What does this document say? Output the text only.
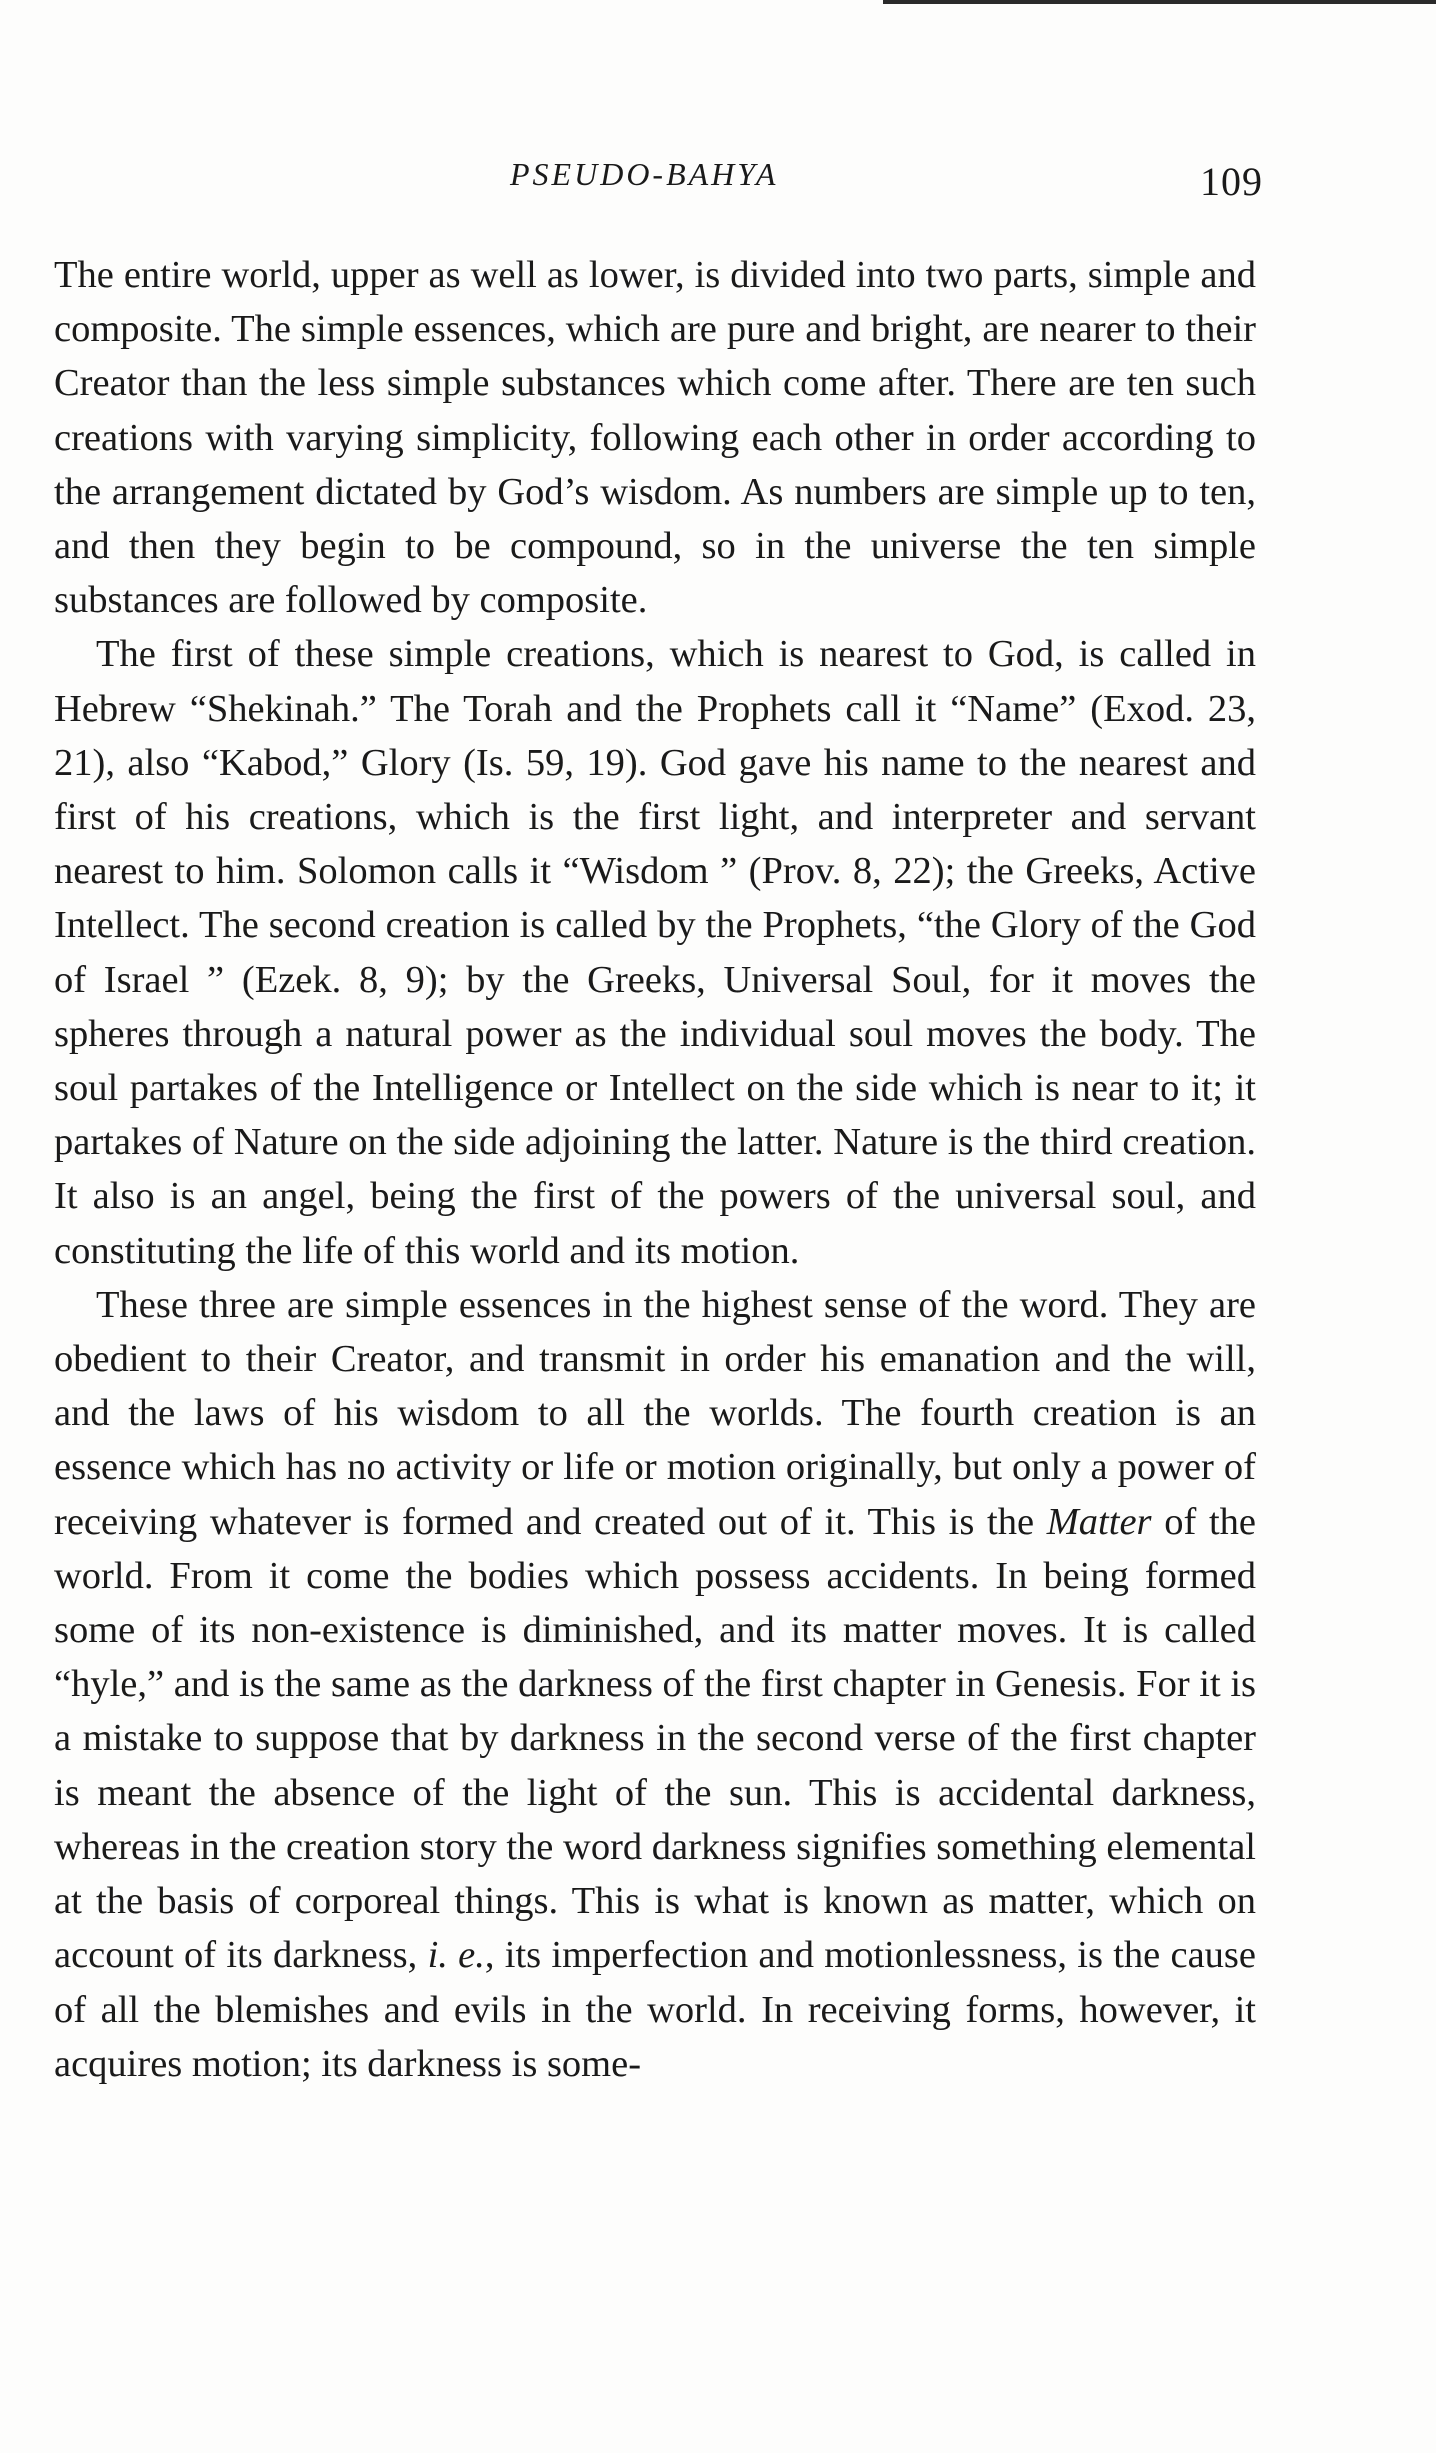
PSEUDO-BAHYA	109

The entire world, upper as well as lower, is divided into two parts, simple and composite. The simple essences, which are pure and bright, are nearer to their Creator than the less simple substances which come after. There are ten such creations with varying simplicity, following each other in order according to the arrangement dictated by God’s wisdom. As numbers are simple up to ten, and then they begin to be compound, so in the universe the ten simple substances are followed by composite.

The first of these simple creations, which is nearest to God, is called in Hebrew “Shekinah.” The Torah and the Prophets call it “Name” (Exod. 23, 21), also “Kabod,” Glory (Is. 59, 19). God gave his name to the nearest and first of his creations, which is the first light, and interpreter and servant nearest to him. Solomon calls it “Wisdom ” (Prov. 8, 22); the Greeks, Active Intellect. The second creation is called by the Prophets, “the Glory of the God of Israel ” (Ezek. 8, 9); by the Greeks, Universal Soul, for it moves the spheres through a natural power as the individual soul moves the body. The soul partakes of the Intelligence or Intellect on the side which is near to it; it partakes of Nature on the side adjoining the latter. Nature is the third creation. It also is an angel, being the first of the powers of the universal soul, and constituting the life of this world and its motion.

These three are simple essences in the highest sense of the word. They are obedient to their Creator, and transmit in order his emanation and the will, and the laws of his wisdom to all the worlds. The fourth creation is an essence which has no activity or life or motion originally, but only a power of receiving whatever is formed and created out of it. This is the Matter of the world. From it come the bodies which possess accidents. In being formed some of its non-existence is diminished, and its matter moves. It is called “hyle,” and is the same as the darkness of the first chapter in Genesis. For it is a mistake to suppose that by darkness in the second verse of the first chapter is meant the absence of the light of the sun. This is accidental darkness, whereas in the creation story the word darkness signifies something elemental at the basis of corporeal things. This is what is known as matter, which on account of its darkness, i. e., its imperfection and motionlessness, is the cause of all the blemishes and evils in the world. In receiving forms, however, it acquires motion; its darkness is some-
